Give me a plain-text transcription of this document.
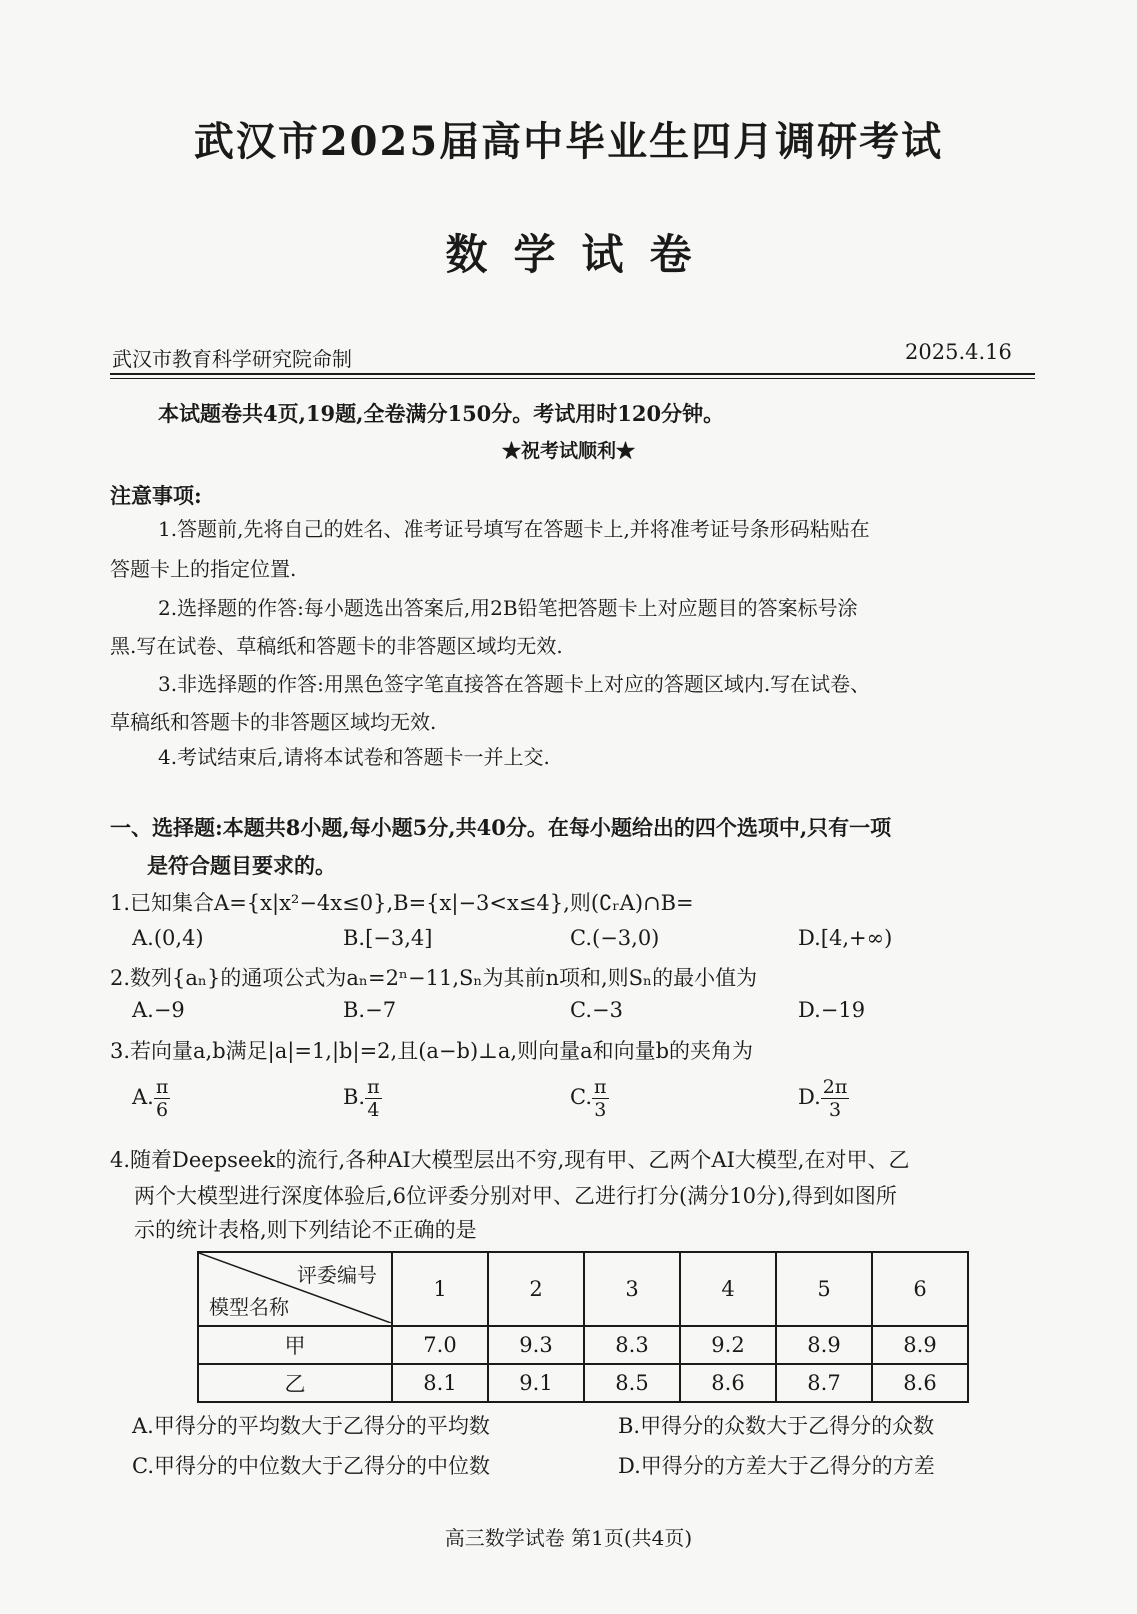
武汉市2025届高中毕业生四月调研考试
数学试卷
武汉市教育科学研究院命制	2025.4.16
本试题卷共4页,19题,全卷满分150分。考试用时120分钟。
★祝考试顺利★
注意事项:
1.答题前,先将自己的姓名、准考证号填写在答题卡上,并将准考证号条形码粘贴在
答题卡上的指定位置.
2.选择题的作答:每小题选出答案后,用2B铅笔把答题卡上对应题目的答案标号涂
黑.写在试卷、草稿纸和答题卡的非答题区域均无效.
3.非选择题的作答:用黑色签字笔直接答在答题卡上对应的答题区域内.写在试卷、
草稿纸和答题卡的非答题区域均无效.
4.考试结束后,请将本试卷和答题卡一并上交.
一、选择题:本题共8小题,每小题5分,共40分。在每小题给出的四个选项中,只有一项
是符合题目要求的。
1.已知集合A={x|x²−4x≤0},B={x|−3<x≤4},则(∁ᵣA)∩B=
A.(0,4)	B.[−3,4]	C.(−3,0)	D.[4,+∞)
2.数列{aₙ}的通项公式为aₙ=2ⁿ−11,Sₙ为其前n项和,则Sₙ的最小值为
A.−9	B.−7	C.−3	D.−19
3.若向量a,b满足|a|=1,|b|=2,且(a−b)⊥a,则向量a和向量b的夹角为
A. $\frac{\pi}{6}$	B. $\frac{\pi}{4}$	C. $\frac{\pi}{3}$	D. $\frac{2\pi}{3}$
4.随着Deepseek的流行,各种AI大模型层出不穷,现有甲、乙两个AI大模型,在对甲、乙
两个大模型进行深度体验后,6位评委分别对甲、乙进行打分(满分10分),得到如图所
示的统计表格,则下列结论不正确的是
评委编号
模型名称	1	2	3	4	5	6
甲	7.0	9.3	8.3	9.2	8.9	8.9
乙	8.1	9.1	8.5	8.6	8.7	8.6
A.甲得分的平均数大于乙得分的平均数	B.甲得分的众数大于乙得分的众数
C.甲得分的中位数大于乙得分的中位数	D.甲得分的方差大于乙得分的方差
高三数学试卷 第1页(共4页)
